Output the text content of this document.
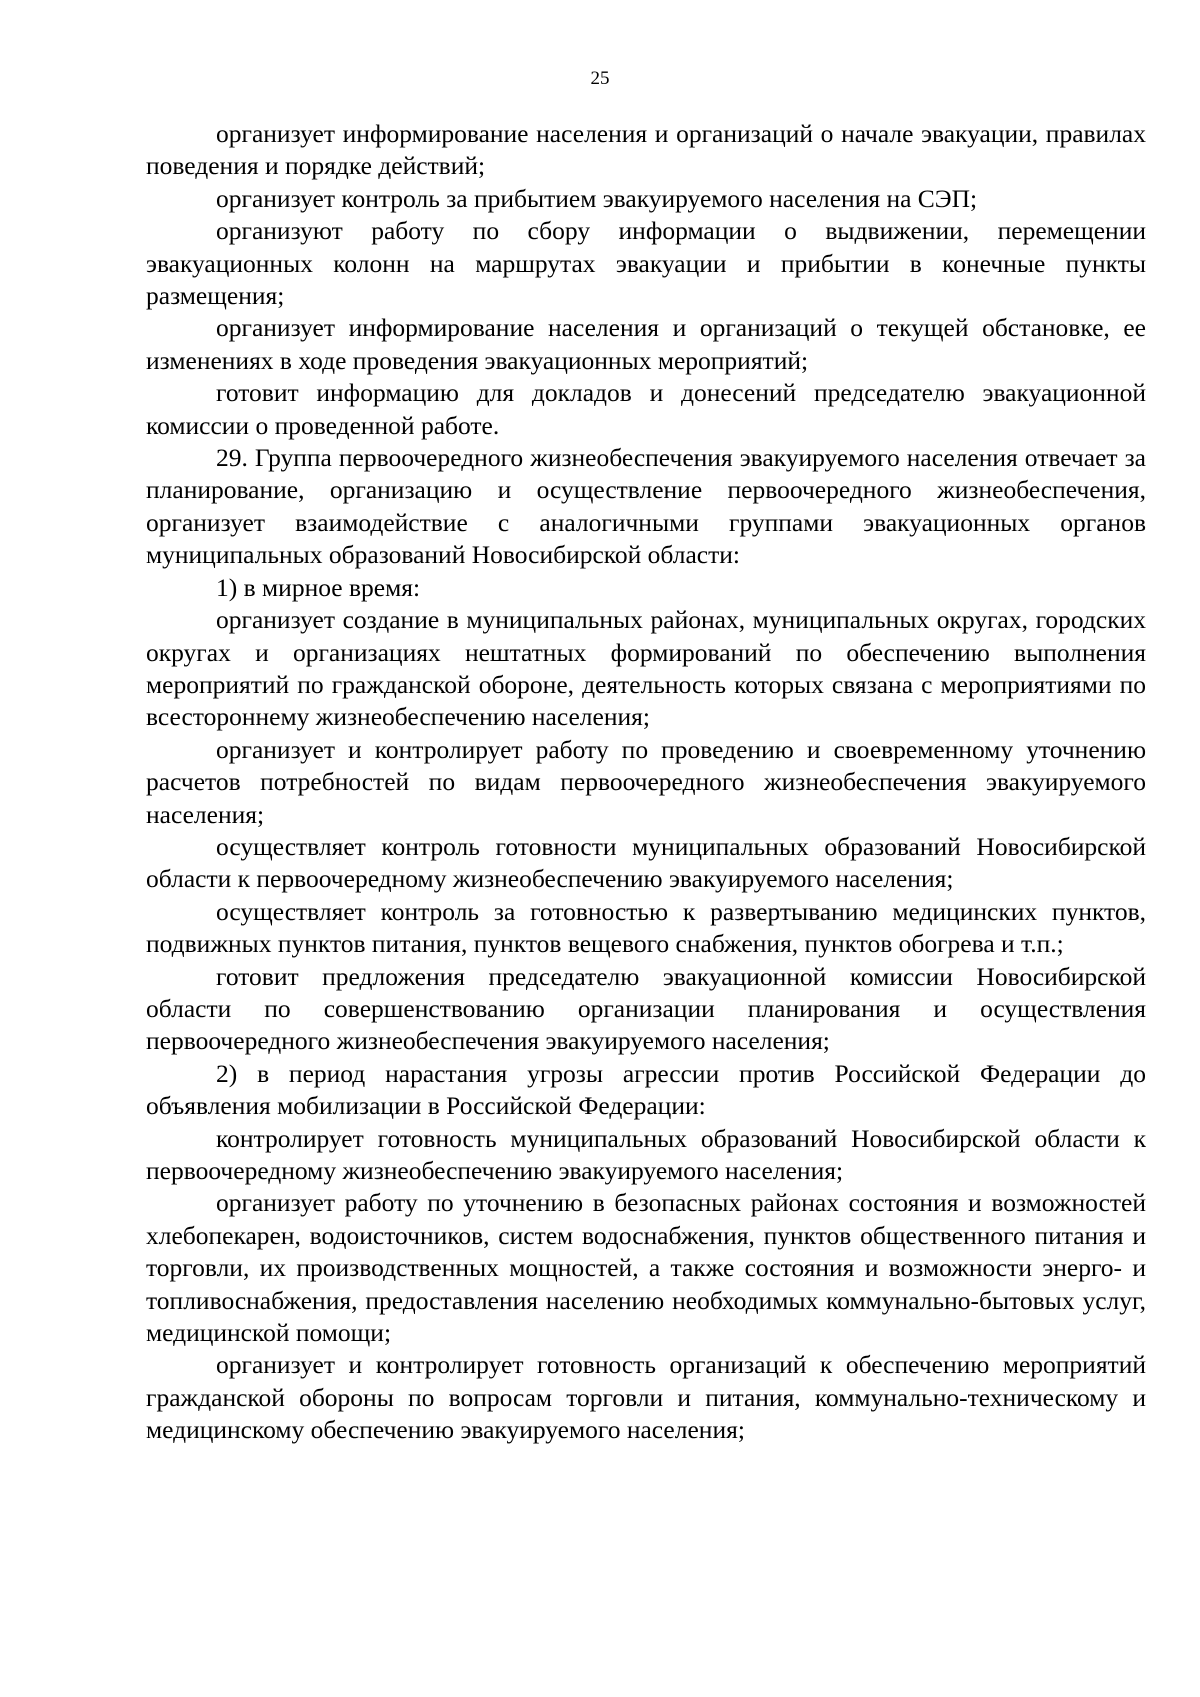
25

организует информирование населения и организаций о начале эвакуации, правилах поведения и порядке действий;

организует контроль за прибытием эвакуируемого населения на СЭП;

организуют работу по сбору информации о выдвижении, перемещении эвакуационных колонн на маршрутах эвакуации и прибытии в конечные пункты размещения;

организует информирование населения и организаций о текущей обстановке, ее изменениях в ходе проведения эвакуационных мероприятий;

готовит информацию для докладов и донесений председателю эвакуационной комиссии о проведенной работе.

29. Группа первоочередного жизнеобеспечения эвакуируемого населения отвечает за планирование, организацию и осуществление первоочередного жизнеобеспечения, организует взаимодействие с аналогичными группами эвакуационных органов муниципальных образований Новосибирской области:

1) в мирное время:

организует создание в муниципальных районах, муниципальных округах, городских округах и организациях нештатных формирований по обеспечению выполнения мероприятий по гражданской обороне, деятельность которых связана с мероприятиями по всестороннему жизнеобеспечению населения;

организует и контролирует работу по проведению и своевременному уточнению расчетов потребностей по видам первоочередного жизнеобеспечения эвакуируемого населения;

осуществляет контроль готовности муниципальных образований Новосибирской области к первоочередному жизнеобеспечению эвакуируемого населения;

осуществляет контроль за готовностью к развертыванию медицинских пунктов, подвижных пунктов питания, пунктов вещевого снабжения, пунктов обогрева и т.п.;

готовит предложения председателю эвакуационной комиссии Новосибирской области по совершенствованию организации планирования и осуществления первоочередного жизнеобеспечения эвакуируемого населения;

2) в период нарастания угрозы агрессии против Российской Федерации до объявления мобилизации в Российской Федерации:

контролирует готовность муниципальных образований Новосибирской области к первоочередному жизнеобеспечению эвакуируемого населения;

организует работу по уточнению в безопасных районах состояния и возможностей хлебопекарен, водоисточников, систем водоснабжения, пунктов общественного питания и торговли, их производственных мощностей, а также состояния и возможности энерго- и топливоснабжения, предоставления населению необходимых коммунально-бытовых услуг, медицинской помощи;

организует и контролирует готовность организаций к обеспечению мероприятий гражданской обороны по вопросам торговли и питания, коммунально-техническому и медицинскому обеспечению эвакуируемого населения;
